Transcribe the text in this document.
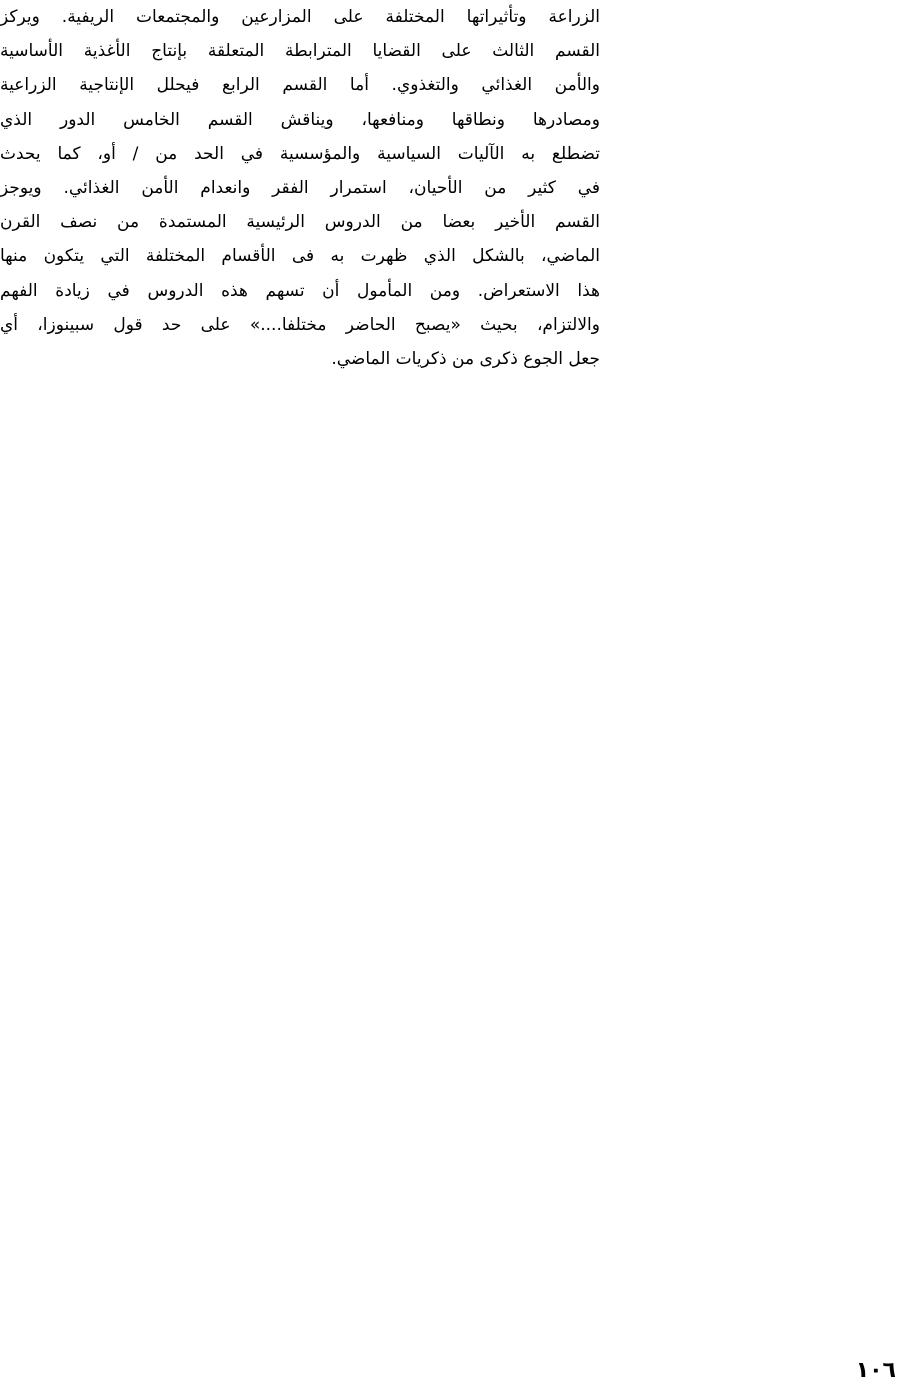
الزراعة وتأثيراتها المختلفة على المزارعين والمجتمعات الريفية. ويركز
القسم الثالث على القضايا المترابطة المتعلقة بإنتاج الأغذية الأساسية
والأمن الغذائي والتغذوي. أما القسم الرابع فيحلل الإنتاجية الزراعية
ومصادرها ونطاقها ومنافعها، ويناقش القسم الخامس الدور الذي
تضطلع به الآليات السياسية والمؤسسية في الحد من / أو، كما يحدث
في كثير من الأحيان، استمرار الفقر وانعدام الأمن الغذائي. ويوجز
القسم الأخير بعضا من الدروس الرئيسية المستمدة من نصف القرن
الماضي، بالشكل الذي ظهرت به فى الأقسام المختلفة التي يتكون منها
هذا الاستعراض. ومن المأمول أن تسهم هذه الدروس في زيادة الفهم
والالتزام، بحيث «يصبح الحاضر مختلفا....» على حد قول سبينوزا، أي
جعل الجوع ذكرى من ذكريات الماضي.
١٠٦
